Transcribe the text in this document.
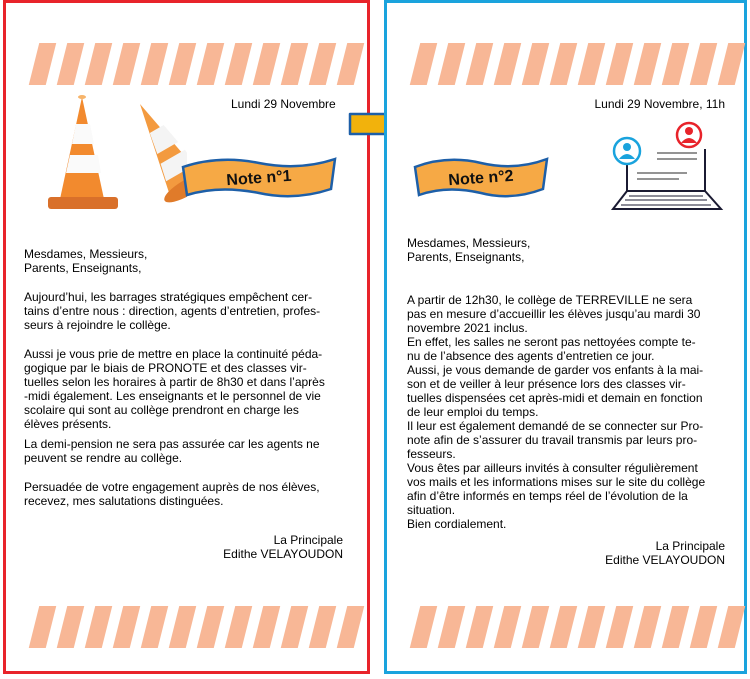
Lundi 29 Novembre
Note n°1
Mesdames, Messieurs,
Parents, Enseignants,
Aujourd’hui, les barrages stratégiques empêchent cer-
tains d’entre nous : direction, agents d’entretien, profes-
seurs à rejoindre le collège.
Aussi je vous prie de mettre en place la continuité péda-
gogique par le biais de PRONOTE et des classes vir-
tuelles selon les horaires à partir de 8h30 et dans l’après
-midi également. Les enseignants et le personnel de vie
scolaire qui sont au collège prendront en charge les
élèves présents.
La demi-pension ne sera pas assurée car les agents ne
peuvent se rendre au collège.
Persuadée de votre engagement auprès de nos élèves,
recevez, mes salutations distinguées.
La Principale
Edithe VELAYOUDON
Lundi 29 Novembre, 11h
Note n°2
Mesdames, Messieurs,
Parents, Enseignants,
A partir de 12h30, le collège de TERREVILLE ne sera
pas en mesure d’accueillir les élèves jusqu’au mardi 30
novembre 2021 inclus.
En effet, les salles ne seront pas nettoyées compte te-
nu de l’absence des agents d’entretien ce jour.
Aussi, je vous demande de garder vos enfants à la mai-
son et de veiller à leur présence lors des classes vir-
tuelles dispensées cet après-midi et demain en fonction
de leur emploi du temps.
Il leur est également demandé de se connecter sur Pro-
note afin de s’assurer du travail transmis par leurs pro-
fesseurs.
Vous êtes par ailleurs invités à consulter régulièrement
vos mails et les informations mises sur le site du collège
afin d’être informés en temps réel de l’évolution de la
situation.
Bien cordialement.
La Principale
Edithe VELAYOUDON
